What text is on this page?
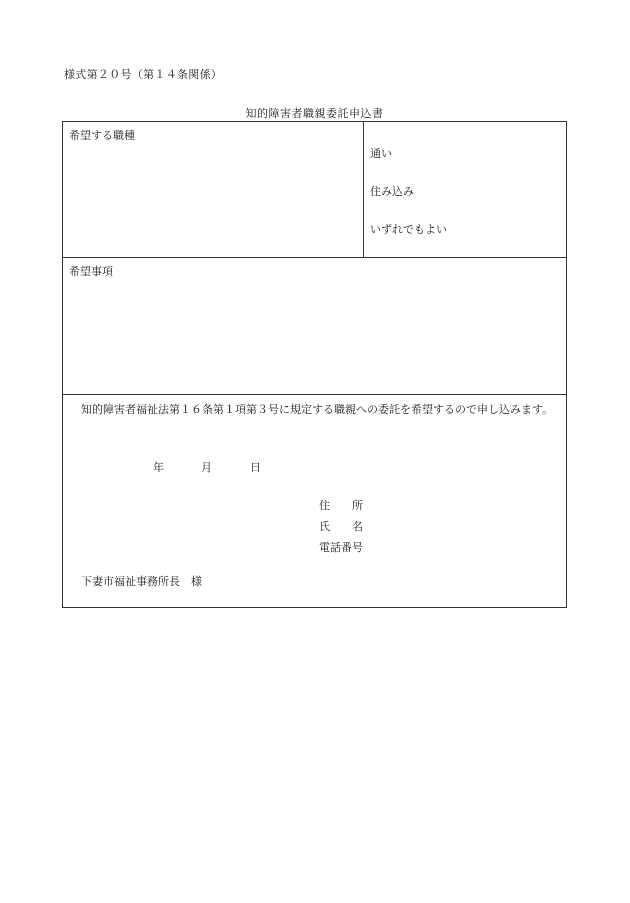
様式第２０号（第１４条関係）
知的障害者職親委託申込書
希望する職種
通い
住み込み
いずれでもよい
希望事項
知的障害者福祉法第１６条第１項第３号に規定する職親への委託を希望するので申し込みます。
年	月	日
住　　所
氏　　名
電話番号
下妻市福祉事務所長　様
